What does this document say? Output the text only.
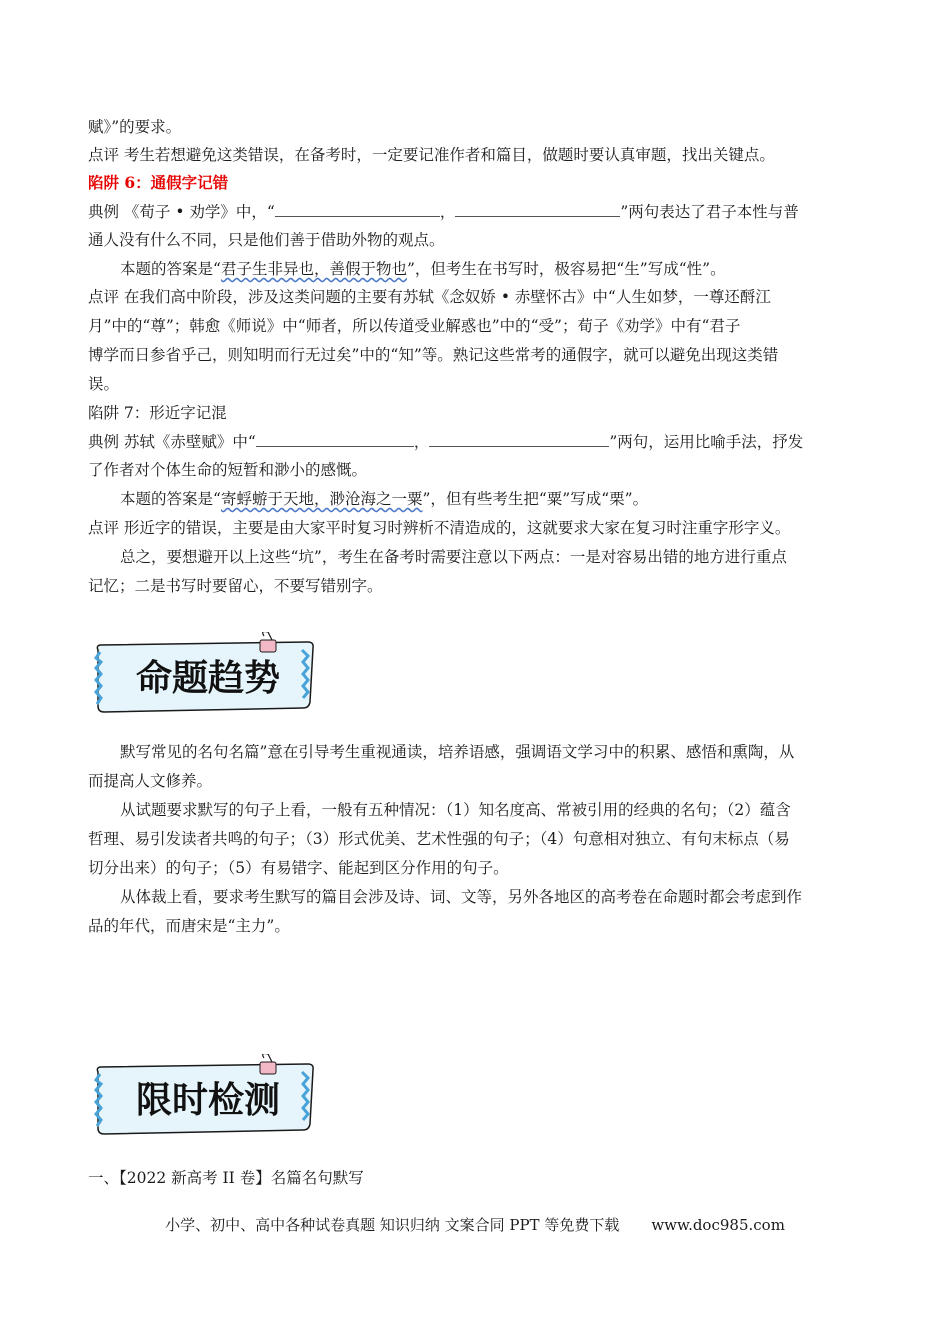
赋》”的要求。
点评 考生若想避免这类错误，在备考时，一定要记准作者和篇目，做题时要认真审题，找出关键点。
陷阱 6：通假字记错
典例 《荀子 • 劝学》中，“	，	”两句表达了君子本性与普
通人没有什么不同，只是他们善于借助外物的观点。
本题的答案是“君子生非异也，善假于物也”，但考生在书写时，极容易把“生”写成“性”。
点评 在我们高中阶段，涉及这类问题的主要有苏轼《念奴娇 • 赤壁怀古》中“人生如梦，一尊还酹江
月”中的“尊”；韩愈《师说》中“师者，所以传道受业解惑也”中的“受”；荀子《劝学》中有“君子
博学而日参省乎己，则知明而行无过矣”中的“知”等。熟记这些常考的通假字，就可以避免出现这类错
误。
陷阱 7：形近字记混
典例 苏轼《赤壁赋》中“	，	”两句，运用比喻手法，抒发
了作者对个体生命的短暂和渺小的感慨。
本题的答案是“寄蜉蝣于天地，渺沧海之一粟”，但有些考生把“粟”写成“栗”。
点评 形近字的错误，主要是由大家平时复习时辨析不清造成的，这就要求大家在复习时注重字形字义。
总之，要想避开以上这些“坑”，考生在备考时需要注意以下两点：一是对容易出错的地方进行重点
记忆；二是书写时要留心，不要写错别字。
命题趋势
默写常见的名句名篇”意在引导考生重视通读，培养语感，强调语文学习中的积累、感悟和熏陶，从
而提高人文修养。
从试题要求默写的句子上看，一般有五种情况：（1）知名度高、常被引用的经典的名句；（2）蕴含
哲理、易引发读者共鸣的句子；（3）形式优美、艺术性强的句子；（4）句意相对独立、有句末标点（易
切分出来）的句子；（5）有易错字、能起到区分作用的句子。
从体裁上看，要求考生默写的篇目会涉及诗、词、文等，另外各地区的高考卷在命题时都会考虑到作
品的年代，而唐宋是“主力”。
限时检测
一、【2022 新高考 II 卷】名篇名句默写
小学、初中、高中各种试卷真题 知识归纳 文案合同 PPT 等免费下载 www.doc985.com
